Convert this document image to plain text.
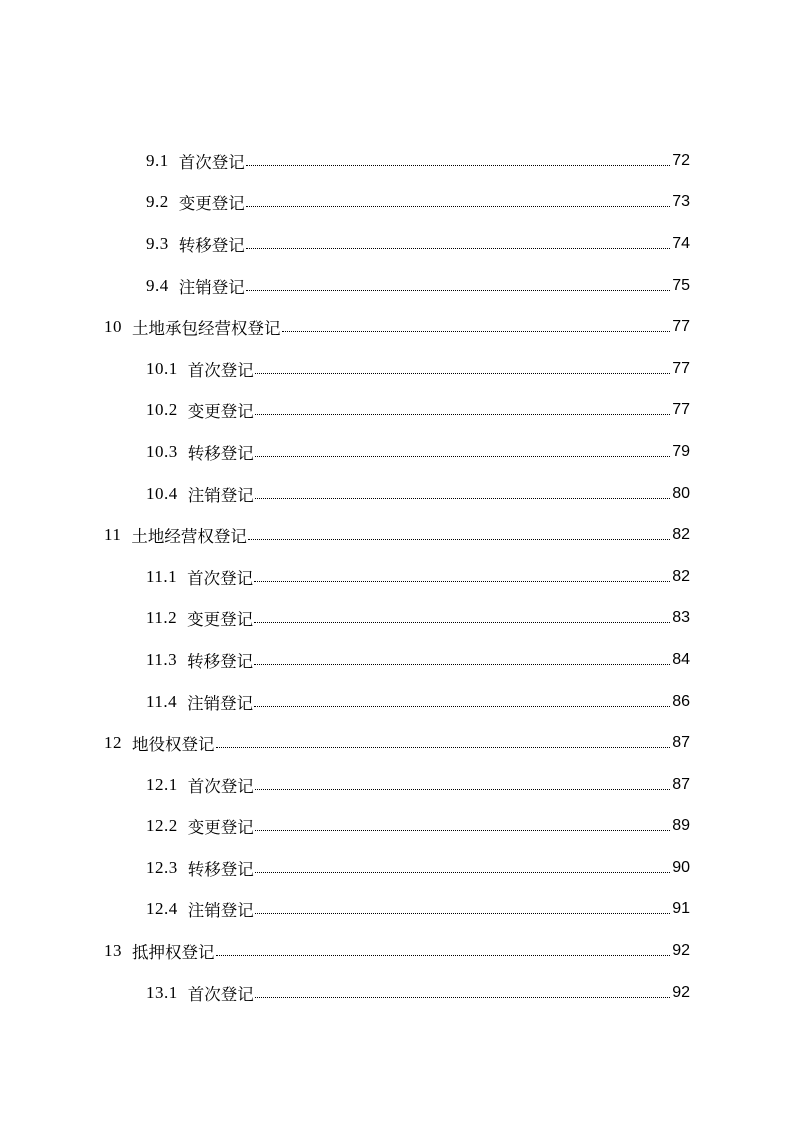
9.1 首次登记	72
9.2 变更登记	73
9.3 转移登记	74
9.4 注销登记	75
10 土地承包经营权登记	77
10.1 首次登记	77
10.2 变更登记	77
10.3 转移登记	79
10.4 注销登记	80
11 土地经营权登记	82
11.1 首次登记	82
11.2 变更登记	83
11.3 转移登记	84
11.4 注销登记	86
12 地役权登记	87
12.1 首次登记	87
12.2 变更登记	89
12.3 转移登记	90
12.4 注销登记	91
13 抵押权登记	92
13.1 首次登记	92
